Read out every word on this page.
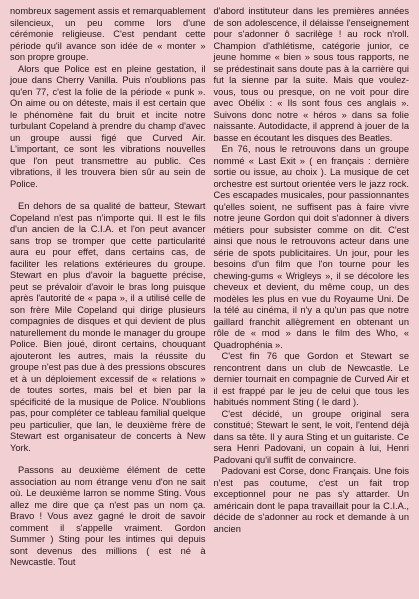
nombreux sagement assis et remarquablement silencieux, un peu comme lors d'une cérémonie religieuse. C'est pendant cette période qu'il avance son idée de « monter » son propre groupe.

Alors que Police est en pleine gestation, il joue dans Cherry Vanilla. Puis n'oublions pas qu'en 77, c'est la folie de la période « punk ». On aime ou on déteste, mais il est certain que le phénomène fait du bruit et incite notre turbulant Copeland à prendre du champ d'avec un groupe aussi figé que Curved Air. L'important, ce sont les vibrations nouvelles que l'on peut transmettre au public. Ces vibrations, il les trouvera bien sûr au sein de Police.

En dehors de sa qualité de batteur, Stewart Copeland n'est pas n'importe qui. Il est le fils d'un ancien de la C.I.A. et l'on peut avancer sans trop se tromper que cette particularité aura eu pour effet, dans certains cas, de faciliter les relations extérieures du groupe. Stewart en plus d'avoir la baguette précise, peut se prévaloir d'avoir le bras long puisque après l'autorité de « papa », il a utilisé celle de son frère Mile Copeland qui dirige plusieurs compagnies de disques et qui devient de plus naturellement du monde le manager du groupe Police. Bien joué, diront certains, chouquant ajouteront les autres, mais la réussite du groupe n'est pas due à des pressions obscures et à un déploiement excessif de « relations » de toutes sortes, mais bel et bien par la spécificité de la musique de Police. N'oublions pas, pour compléter ce tableau familial quelque peu particulier, que lan, le deuxième frère de Stewart est organisateur de concerts à New York.

Passons au deuxième élément de cette association au nom étrange venu d'on ne sait où. Le deuxième larron se nomme Sting. Vous allez me dire que ça n'est pas un nom ça. Bravo ! Vous avez gagné le droit de savoir comment il s'appelle vraiment. Gordon Summer ) Sting pour les intimes qui depuis sont devenus des millions ( est né à Newcastle. Tout

d'abord instituteur dans les premières années de son adolescence, il délaisse l'enseignement pour s'adonner ô sacrilège ! au rock n'roll. Champion d'athlétisme, catégorie junior, ce jeune homme « bien » sous tous rapports, ne se prédestinait sans doute pas à la carrière qui fut la sienne par la suite. Mais que voulez-vous, tous ou presque, on ne voit pour dire avec Obélix : « Ils sont fous ces anglais ». Suivons donc notre « héros » dans sa folie naissante. Autodidacte, il apprend à jouer de la basse en écoutant les disques des Beatles.

En 76, nous le retrouvons dans un groupe nommé « Last Exit » ( en français : dernière sortie ou issue, au choix ). La musique de cet orchestre est surtout orientée vers le jazz rock. Ces escapades musicales, pour passionnantes qu'elles soient, ne suffisent pas à faire vivre notre jeune Gordon qui doit s'adonner à divers métiers pour subsister comme on dit. C'est ainsi que nous le retrouvons acteur dans une série de spots publicitaires. Un jour, pour les besoins d'un film que l'on tourne pour les chewing-gums « Wrigleys », il se décolore les cheveux et devient, du même coup, un des modèles les plus en vue du Royaume Uni. De la télé au cinéma, il n'y a qu'un pas que notre gaillard franchit allègrement en obtenant un rôle de « mod » dans le film des Who, « Quadrophénia ».

C'est fin 76 que Gordon et Stewart se rencontrent dans un club de Newcastle. Le dernier tournait en compagnie de Curved Air et il est frappé par le jeu de celui que tous les habitués nomment Sting ( le dard ).

C'est décidé, un groupe original sera constitué; Stewart le sent, le voit, l'entend déjà dans sa tête. Il y aura Sting et un guitariste. Ce sera Henri Padovani, un copain à lui, Henri Padovani qu'il suffit de convaincre.

Padovani est Corse, donc Français. Une fois n'est pas coutume, c'est un fait trop exceptionnel pour ne pas s'y attarder. Un américain dont le papa travaillait pour la C.I.A., décide de s'adonner au rock et demande à un ancien
